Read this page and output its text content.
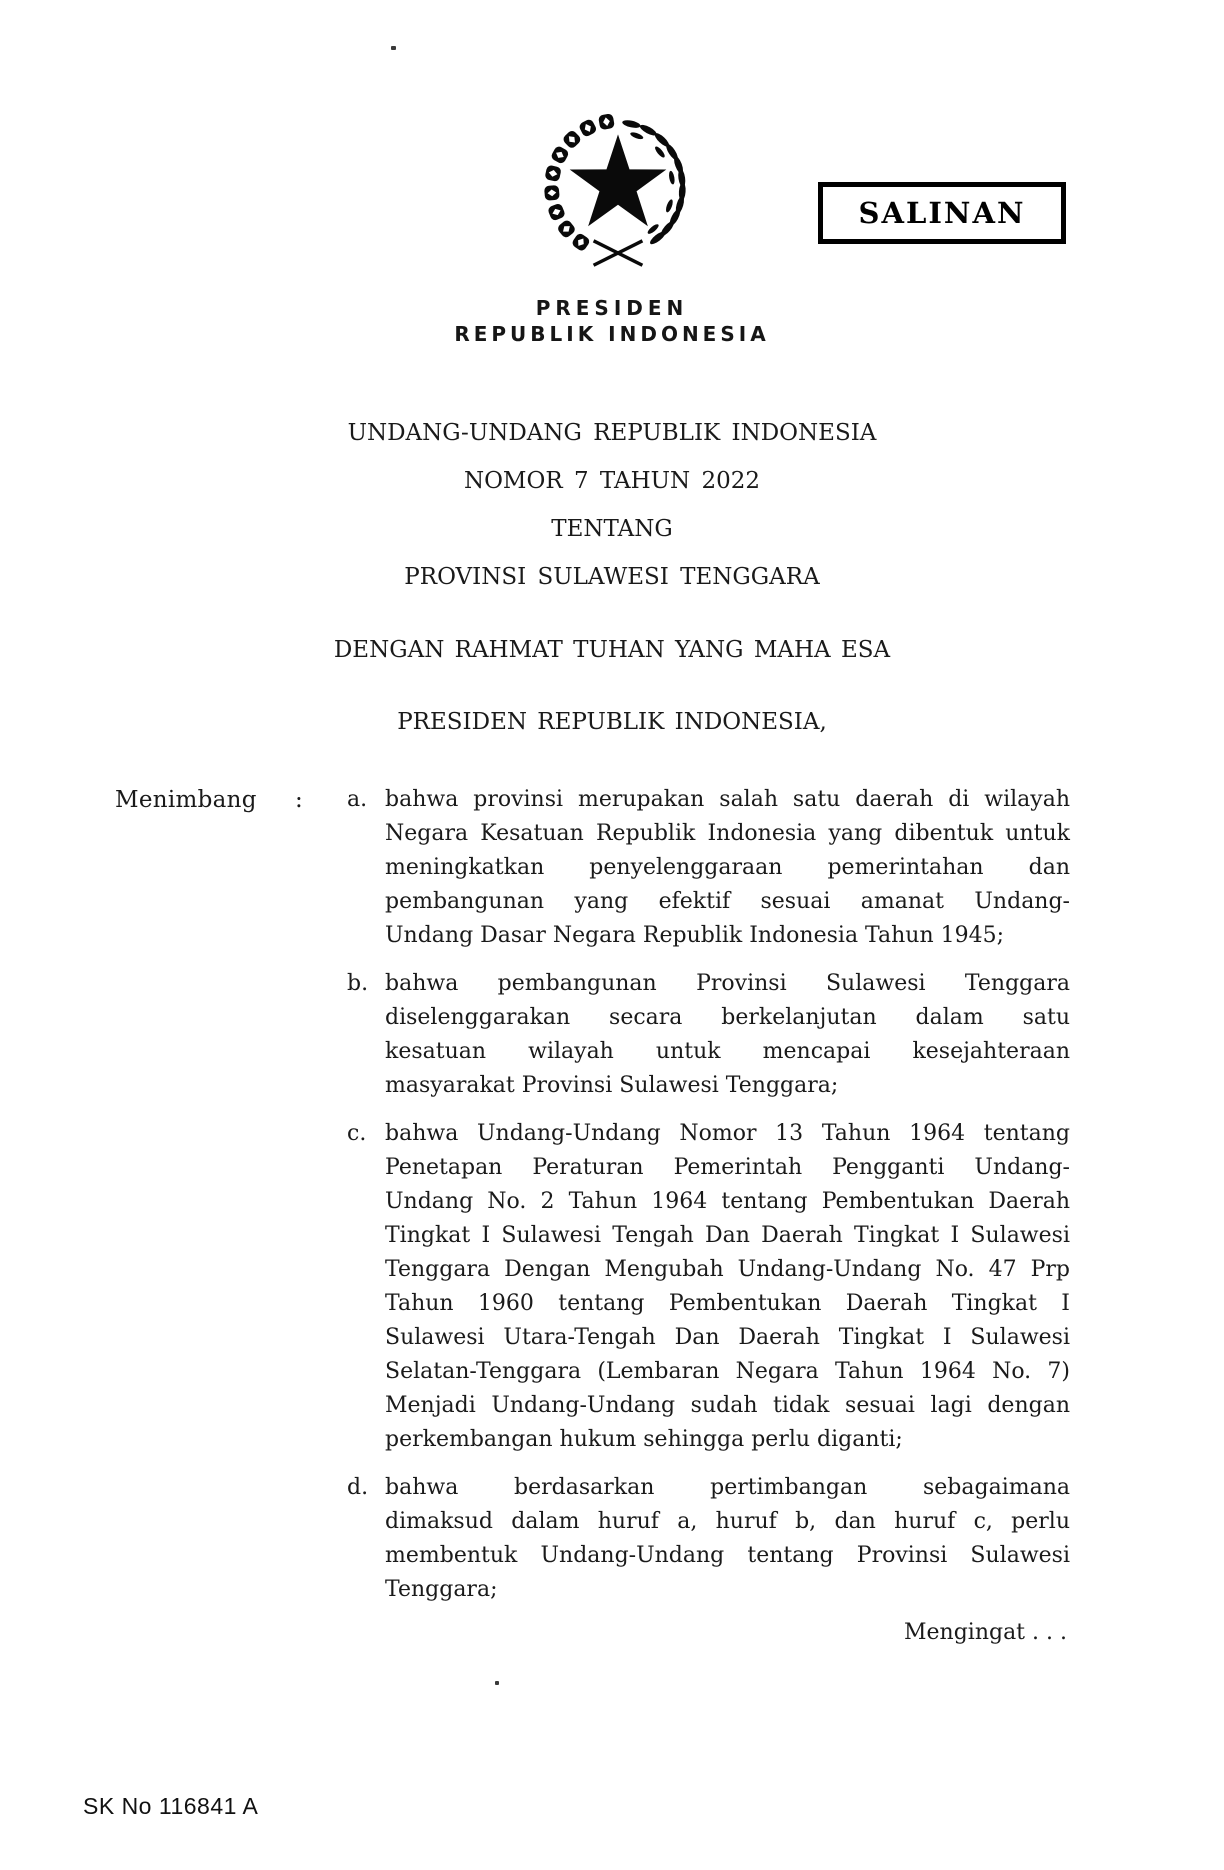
SALINAN
PRESIDEN
REPUBLIK INDONESIA
UNDANG-UNDANG REPUBLIK INDONESIA
NOMOR 7 TAHUN 2022
TENTANG
PROVINSI SULAWESI TENGGARA
DENGAN RAHMAT TUHAN YANG MAHA ESA
PRESIDEN REPUBLIK INDONESIA,
Menimbang : a. bahwa provinsi merupakan salah satu daerah di wilayah
Negara Kesatuan Republik Indonesia yang dibentuk untuk
meningkatkan penyelenggaraan pemerintahan dan
pembangunan yang efektif sesuai amanat Undang-
Undang Dasar Negara Republik Indonesia Tahun 1945;
b. bahwa pembangunan Provinsi Sulawesi Tenggara
diselenggarakan secara berkelanjutan dalam satu
kesatuan wilayah untuk mencapai kesejahteraan
masyarakat Provinsi Sulawesi Tenggara;
c. bahwa Undang-Undang Nomor 13 Tahun 1964 tentang
Penetapan Peraturan Pemerintah Pengganti Undang-
Undang No. 2 Tahun 1964 tentang Pembentukan Daerah
Tingkat I Sulawesi Tengah Dan Daerah Tingkat I Sulawesi
Tenggara Dengan Mengubah Undang-Undang No. 47 Prp
Tahun 1960 tentang Pembentukan Daerah Tingkat I
Sulawesi Utara-Tengah Dan Daerah Tingkat I Sulawesi
Selatan-Tenggara (Lembaran Negara Tahun 1964 No. 7)
Menjadi Undang-Undang sudah tidak sesuai lagi dengan
perkembangan hukum sehingga perlu diganti;
d. bahwa berdasarkan pertimbangan sebagaimana
dimaksud dalam huruf a, huruf b, dan huruf c, perlu
membentuk Undang-Undang tentang Provinsi Sulawesi
Tenggara;
Mengingat . . .
SK No 116841 A
